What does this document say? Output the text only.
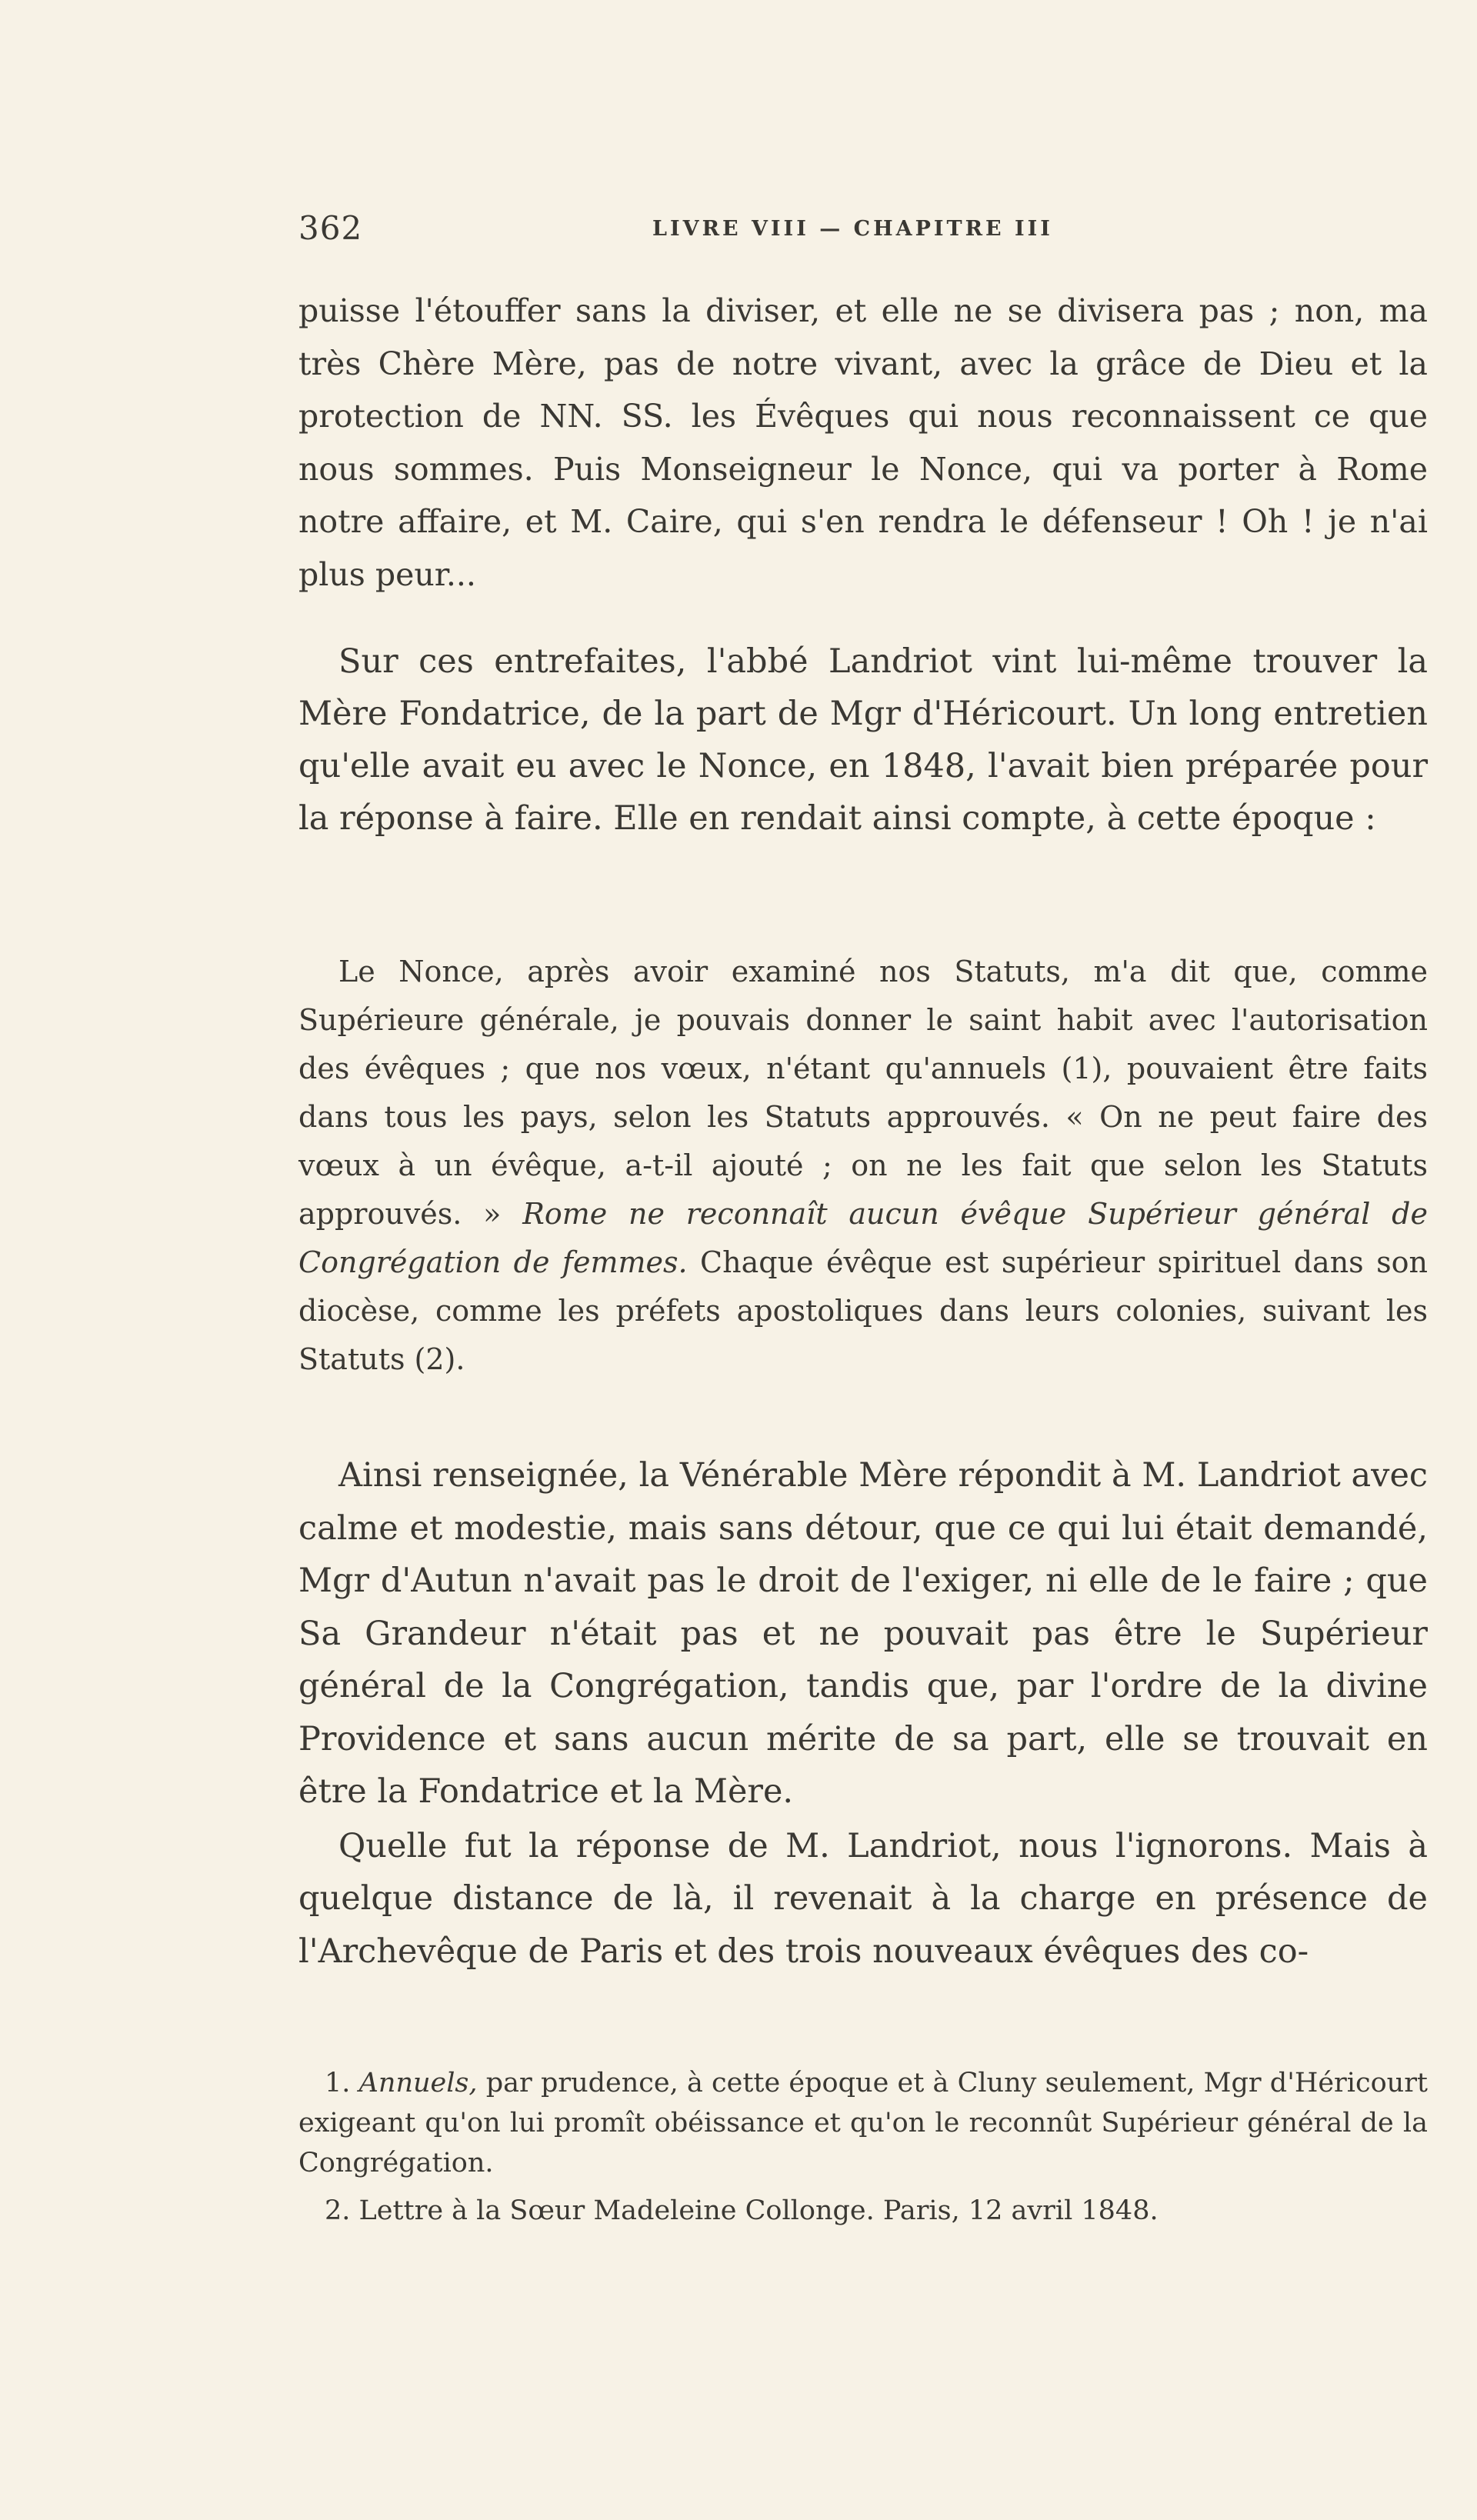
362	LIVRE VIII — CHAPITRE III

puisse l'étouffer sans la diviser, et elle ne se divisera pas ; non, ma très Chère Mère, pas de notre vivant, avec la grâce de Dieu et la protection de NN. SS. les Évêques qui nous reconnaissent ce que nous sommes. Puis Monseigneur le Nonce, qui va porter à Rome notre affaire, et M. Caire, qui s'en rendra le défenseur ! Oh ! je n'ai plus peur...

Sur ces entrefaites, l'abbé Landriot vint lui-même trouver la Mère Fondatrice, de la part de Mgr d'Héricourt. Un long entretien qu'elle avait eu avec le Nonce, en 1848, l'avait bien préparée pour la réponse à faire. Elle en rendait ainsi compte, à cette époque :

Le Nonce, après avoir examiné nos Statuts, m'a dit que, comme Supérieure générale, je pouvais donner le saint habit avec l'autorisation des évêques ; que nos vœux, n'étant qu'annuels (1), pouvaient être faits dans tous les pays, selon les Statuts approuvés. « On ne peut faire des vœux à un évêque, a-t-il ajouté ; on ne les fait que selon les Statuts approuvés. » Rome ne reconnaît aucun évêque Supérieur général de Congrégation de femmes. Chaque évêque est supérieur spirituel dans son diocèse, comme les préfets apostoliques dans leurs colonies, suivant les Statuts (2).

Ainsi renseignée, la Vénérable Mère répondit à M. Landriot avec calme et modestie, mais sans détour, que ce qui lui était demandé, Mgr d'Autun n'avait pas le droit de l'exiger, ni elle de le faire ; que Sa Grandeur n'était pas et ne pouvait pas être le Supérieur général de la Congrégation, tandis que, par l'ordre de la divine Providence et sans aucun mérite de sa part, elle se trouvait en être la Fondatrice et la Mère.

Quelle fut la réponse de M. Landriot, nous l'ignorons. Mais à quelque distance de là, il revenait à la charge en présence de l'Archevêque de Paris et des trois nouveaux évêques des co-

1. Annuels, par prudence, à cette époque et à Cluny seulement, Mgr d'Héricourt exigeant qu'on lui promît obéissance et qu'on le reconnût Supérieur général de la Congrégation.

2. Lettre à la Sœur Madeleine Collonge. Paris, 12 avril 1848.
